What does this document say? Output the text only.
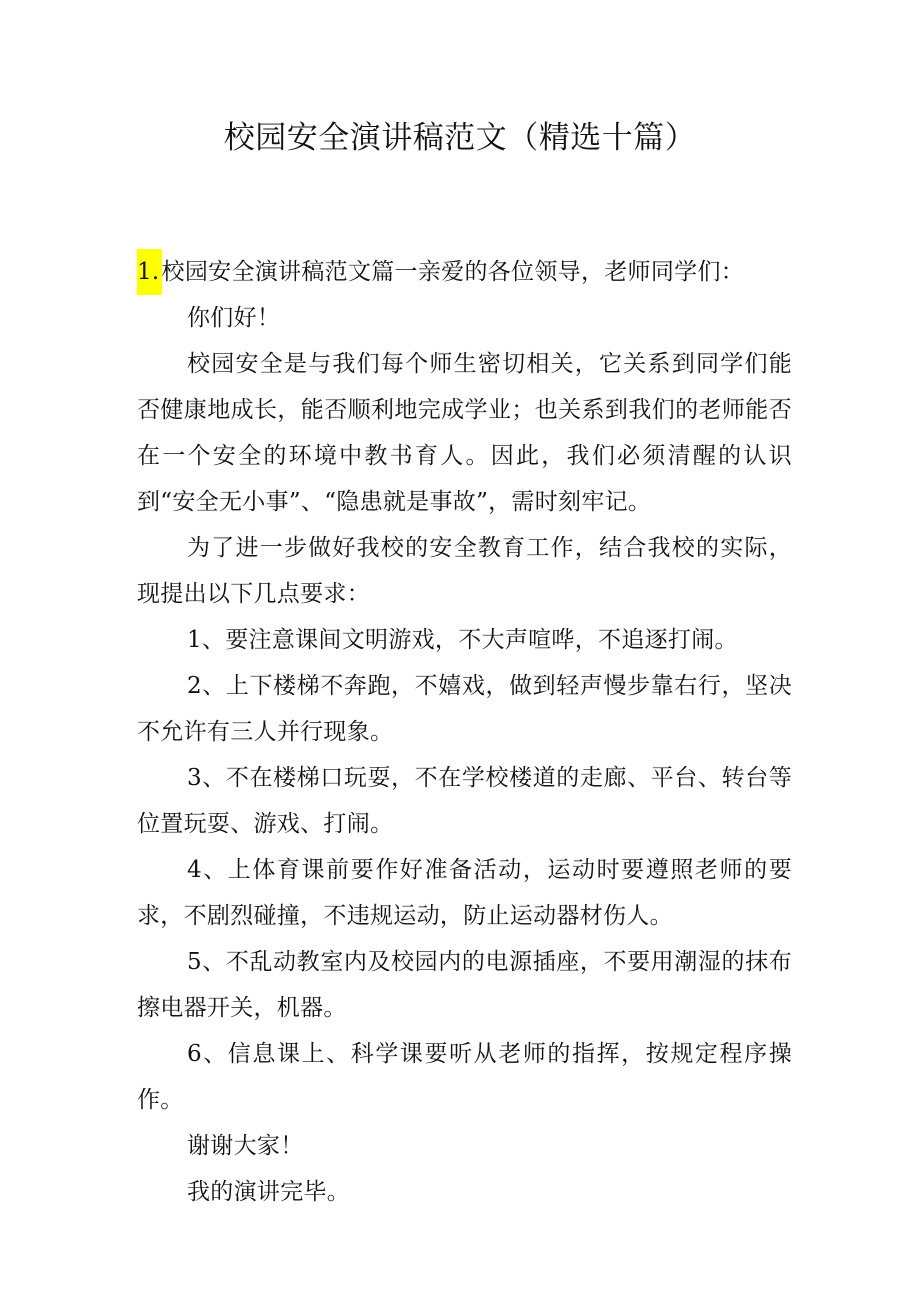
校园安全演讲稿范文（精选十篇）

1.校园安全演讲稿范文篇一亲爱的各位领导，老师同学们：

你们好！

校园安全是与我们每个师生密切相关，它关系到同学们能否健康地成长，能否顺利地完成学业；也关系到我们的老师能否在一个安全的环境中教书育人。因此，我们必须清醒的认识到“安全无小事”、“隐患就是事故”，需时刻牢记。

为了进一步做好我校的安全教育工作，结合我校的实际，现提出以下几点要求：

1、要注意课间文明游戏，不大声喧哗，不追逐打闹。

2、上下楼梯不奔跑，不嬉戏，做到轻声慢步靠右行，坚决不允许有三人并行现象。

3、不在楼梯口玩耍，不在学校楼道的走廊、平台、转台等位置玩耍、游戏、打闹。

4、上体育课前要作好准备活动，运动时要遵照老师的要求，不剧烈碰撞，不违规运动，防止运动器材伤人。

5、不乱动教室内及校园内的电源插座，不要用潮湿的抹布擦电器开关，机器。

6、信息课上、科学课要听从老师的指挥，按规定程序操作。

谢谢大家！

我的演讲完毕。
